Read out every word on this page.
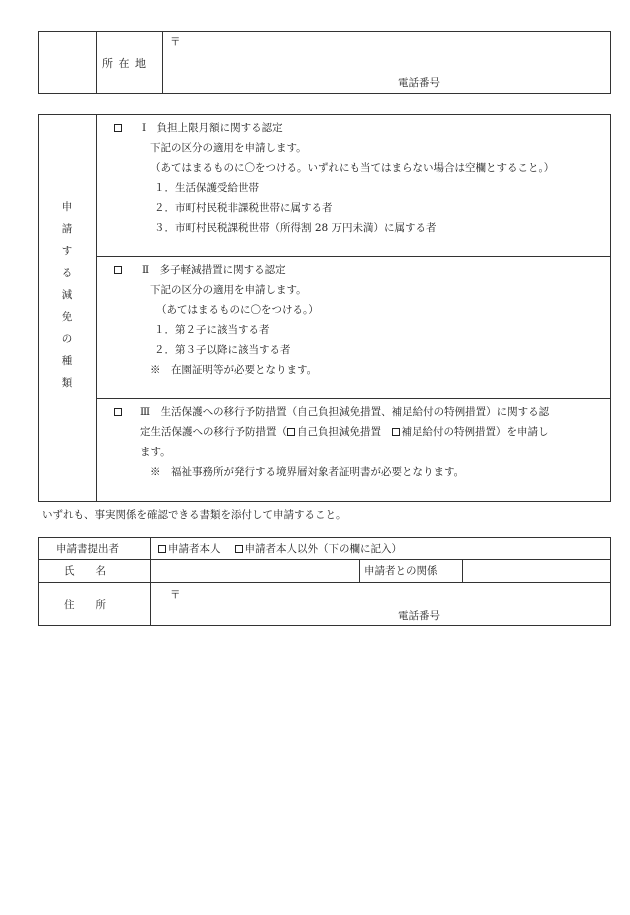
所 在 地
〒
電話番号
申
請
す
る
減
免
の
種
類
Ⅰ　負担上限月額に関する認定
下記の区分の適用を申請します。
（あてはまるものに〇をつける。いずれにも当てはまらない場合は空欄とすること。）
１．生活保護受給世帯
２．市町村民税非課税世帯に属する者
３．市町村民税課税世帯（所得割 28 万円未満）に属する者
Ⅱ　多子軽減措置に関する認定
下記の区分の適用を申請します。
（あてはまるものに〇をつける。）
１．第２子に該当する者
２．第３子以降に該当する者
※　在園証明等が必要となります。
Ⅲ　生活保護への移行予防措置（自己負担減免措置、補足給付の特例措置）に関する認
定生活保護への移行予防措置（ 自己負担減免措置　補足給付の特例措置）を申請し
ます。
※　福祉事務所が発行する境界層対象者証明書が必要となります。
いずれも、事実関係を確認できる書類を添付して申請すること。
申請書提出者	申請者本人 申請者本人以外（下の欄に記入）
氏　　名	申請者との関係
住　　所
〒
電話番号
